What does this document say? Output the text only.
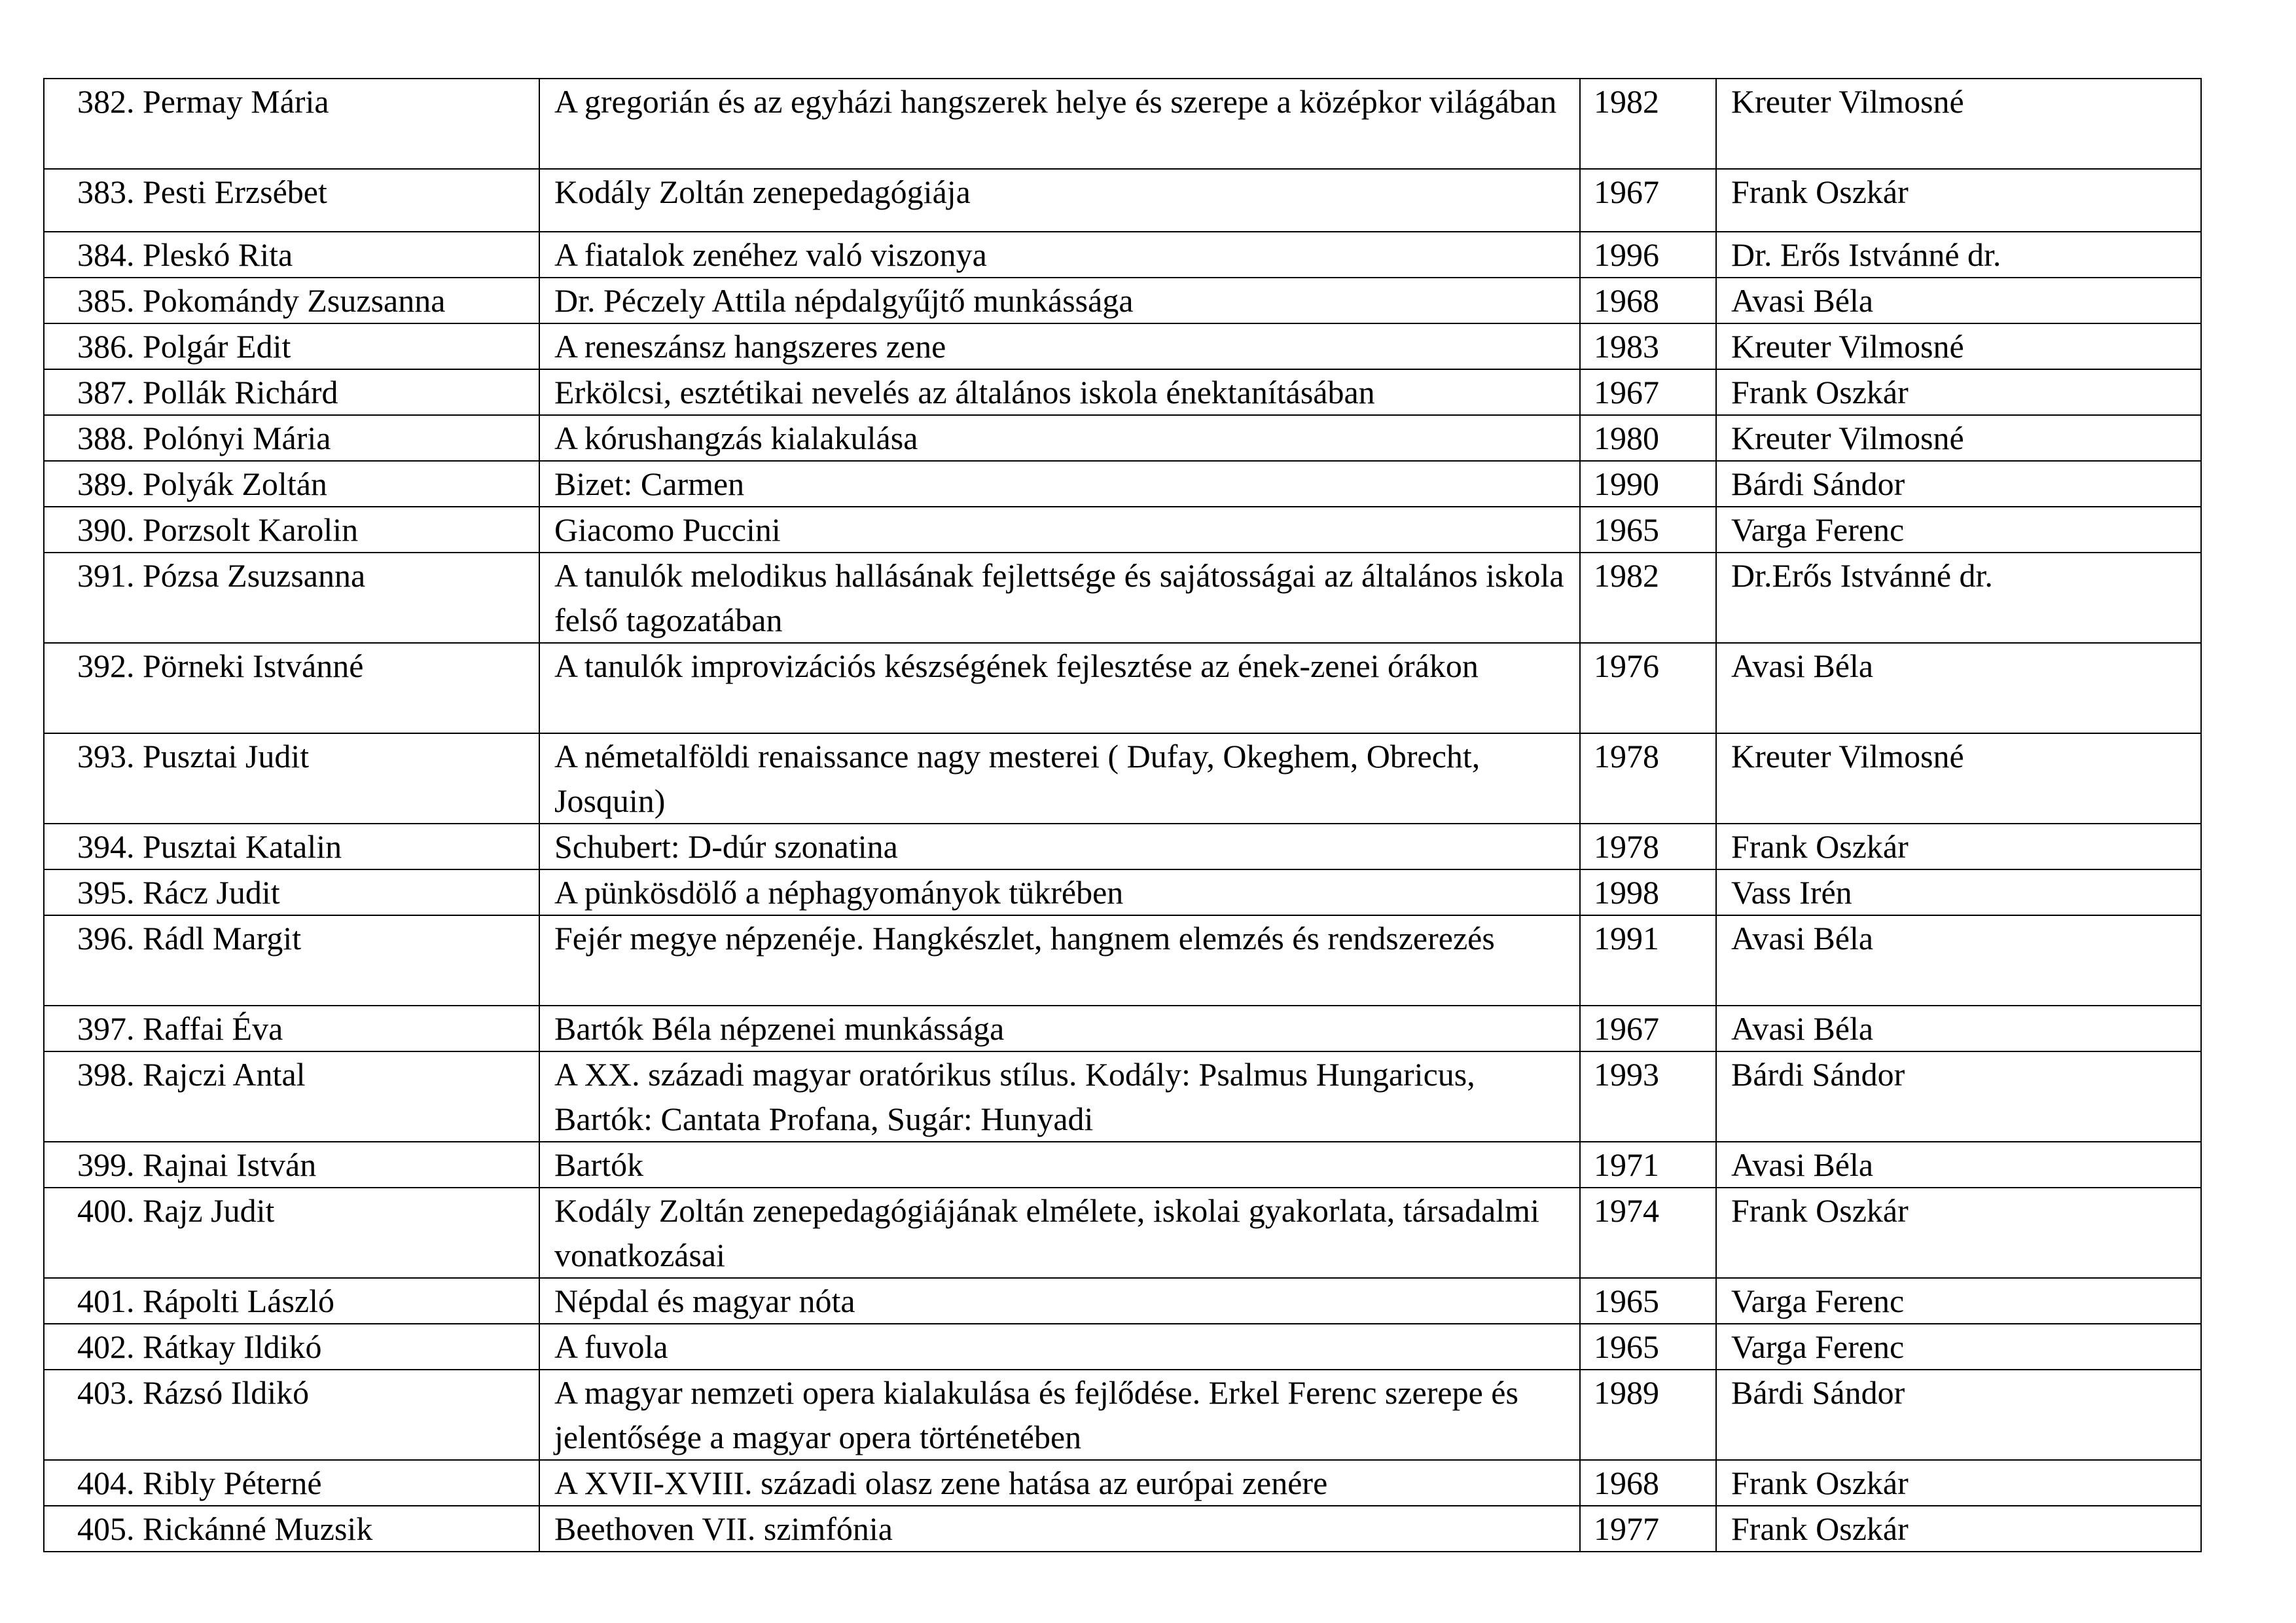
382. Permay Mária	A gregorián és az egyházi hangszerek helye és szerepe a középkor világában	1982	Kreuter Vilmosné
383. Pesti Erzsébet	Kodály Zoltán zenepedagógiája	1967	Frank Oszkár
384. Pleskó Rita	A fiatalok zenéhez való viszonya	1996	Dr. Erős Istvánné dr.
385. Pokomándy Zsuzsanna	Dr. Péczely Attila népdalgyűjtő munkássága	1968	Avasi Béla
386. Polgár Edit	A reneszánsz hangszeres zene	1983	Kreuter Vilmosné
387. Pollák Richárd	Erkölcsi, esztétikai nevelés az általános iskola énektanításában	1967	Frank Oszkár
388. Polónyi Mária	A kórushangzás kialakulása	1980	Kreuter Vilmosné
389. Polyák Zoltán	Bizet: Carmen	1990	Bárdi Sándor
390. Porzsolt Karolin	Giacomo Puccini	1965	Varga Ferenc
391. Pózsa Zsuzsanna	A tanulók melodikus hallásának fejlettsége és sajátosságai az általános iskola felső tagozatában	1982	Dr.Erős Istvánné dr.
392. Pörneki Istvánné	A tanulók improvizációs készségének fejlesztése az ének-zenei órákon	1976	Avasi Béla
393. Pusztai Judit	A németalföldi renaissance nagy mesterei ( Dufay, Okeghem, Obrecht, Josquin)	1978	Kreuter Vilmosné
394. Pusztai Katalin	Schubert: D-dúr szonatina	1978	Frank Oszkár
395. Rácz Judit	A pünkösdölő a néphagyományok tükrében	1998	Vass Irén
396. Rádl Margit	Fejér megye népzenéje. Hangkészlet, hangnem elemzés és rendszerezés	1991	Avasi Béla
397. Raffai Éva	Bartók Béla népzenei munkássága	1967	Avasi Béla
398. Rajczi Antal	A XX. századi magyar oratórikus stílus. Kodály: Psalmus Hungaricus, Bartók: Cantata Profana, Sugár: Hunyadi	1993	Bárdi Sándor
399. Rajnai István	Bartók	1971	Avasi Béla
400. Rajz Judit	Kodály Zoltán zenepedagógiájának elmélete, iskolai gyakorlata, társadalmi vonatkozásai	1974	Frank Oszkár
401. Rápolti László	Népdal és magyar nóta	1965	Varga Ferenc
402. Rátkay Ildikó	A fuvola	1965	Varga Ferenc
403. Rázsó Ildikó	A magyar nemzeti opera kialakulása és fejlődése. Erkel Ferenc szerepe és jelentősége a magyar opera történetében	1989	Bárdi Sándor
404. Ribly Péterné	A XVII-XVIII. századi olasz zene hatása az európai zenére	1968	Frank Oszkár
405. Rickánné Muzsik	Beethoven VII. szimfónia	1977	Frank Oszkár
